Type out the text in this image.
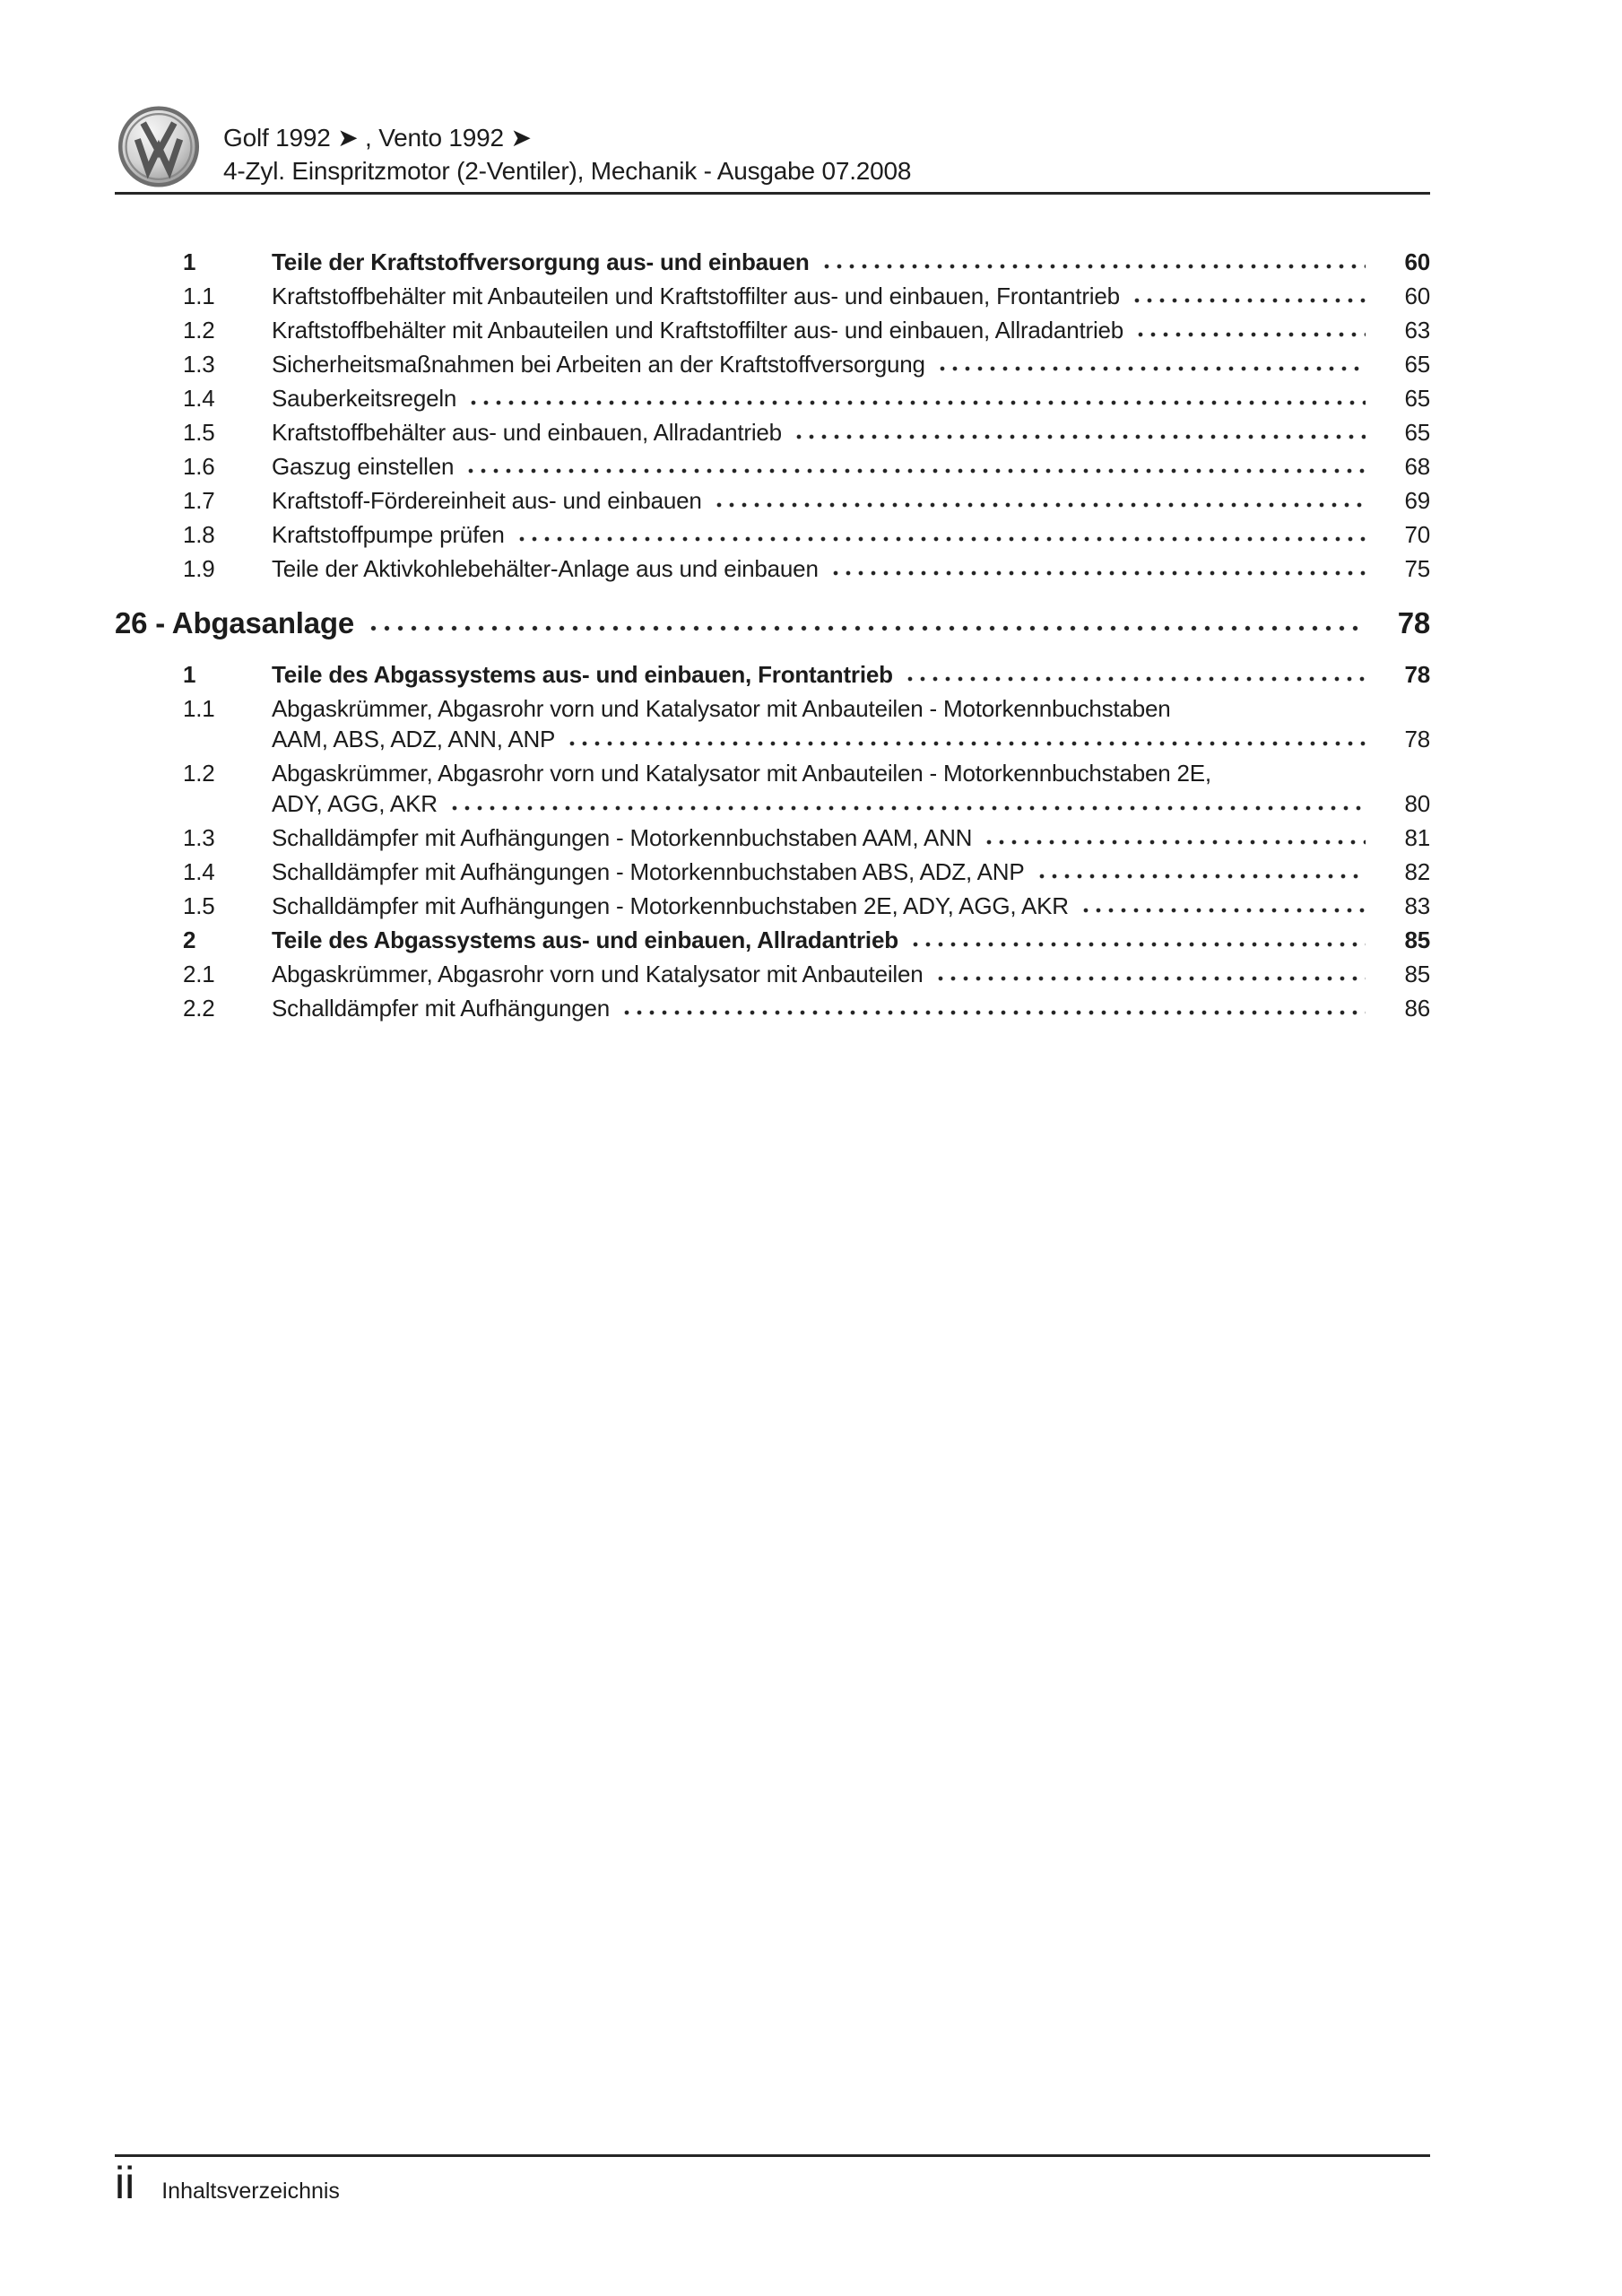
Golf 1992 ➤ , Vento 1992 ➤
4-Zyl. Einspritzmotor (2-Ventiler), Mechanik - Ausgabe 07.2008
1	Teile der Kraftstoffversorgung aus- und einbauen	60
1.1	Kraftstoffbehälter mit Anbauteilen und Kraftstoffilter aus- und einbauen, Frontantrieb	60
1.2	Kraftstoffbehälter mit Anbauteilen und Kraftstoffilter aus- und einbauen, Allradantrieb	63
1.3	Sicherheitsmaßnahmen bei Arbeiten an der Kraftstoffversorgung	65
1.4	Sauberkeitsregeln	65
1.5	Kraftstoffbehälter aus- und einbauen, Allradantrieb	65
1.6	Gaszug einstellen	68
1.7	Kraftstoff-Fördereinheit aus- und einbauen	69
1.8	Kraftstoffpumpe prüfen	70
1.9	Teile der Aktivkohlebehälter-Anlage aus und einbauen	75
26 - Abgasanlage	78
1	Teile des Abgassystems aus- und einbauen, Frontantrieb	78
1.1	Abgaskrümmer, Abgasrohr vorn und Katalysator mit Anbauteilen - Motorkennbuchstaben
AAM, ABS, ADZ, ANN, ANP	78
1.2	Abgaskrümmer, Abgasrohr vorn und Katalysator mit Anbauteilen - Motorkennbuchstaben 2E,
ADY, AGG, AKR	80
1.3	Schalldämpfer mit Aufhängungen - Motorkennbuchstaben AAM, ANN	81
1.4	Schalldämpfer mit Aufhängungen - Motorkennbuchstaben ABS, ADZ, ANP	82
1.5	Schalldämpfer mit Aufhängungen - Motorkennbuchstaben 2E, ADY, AGG, AKR	83
2	Teile des Abgassystems aus- und einbauen, Allradantrieb	85
2.1	Abgaskrümmer, Abgasrohr vorn und Katalysator mit Anbauteilen	85
2.2	Schalldämpfer mit Aufhängungen	86
ii Inhaltsverzeichnis
